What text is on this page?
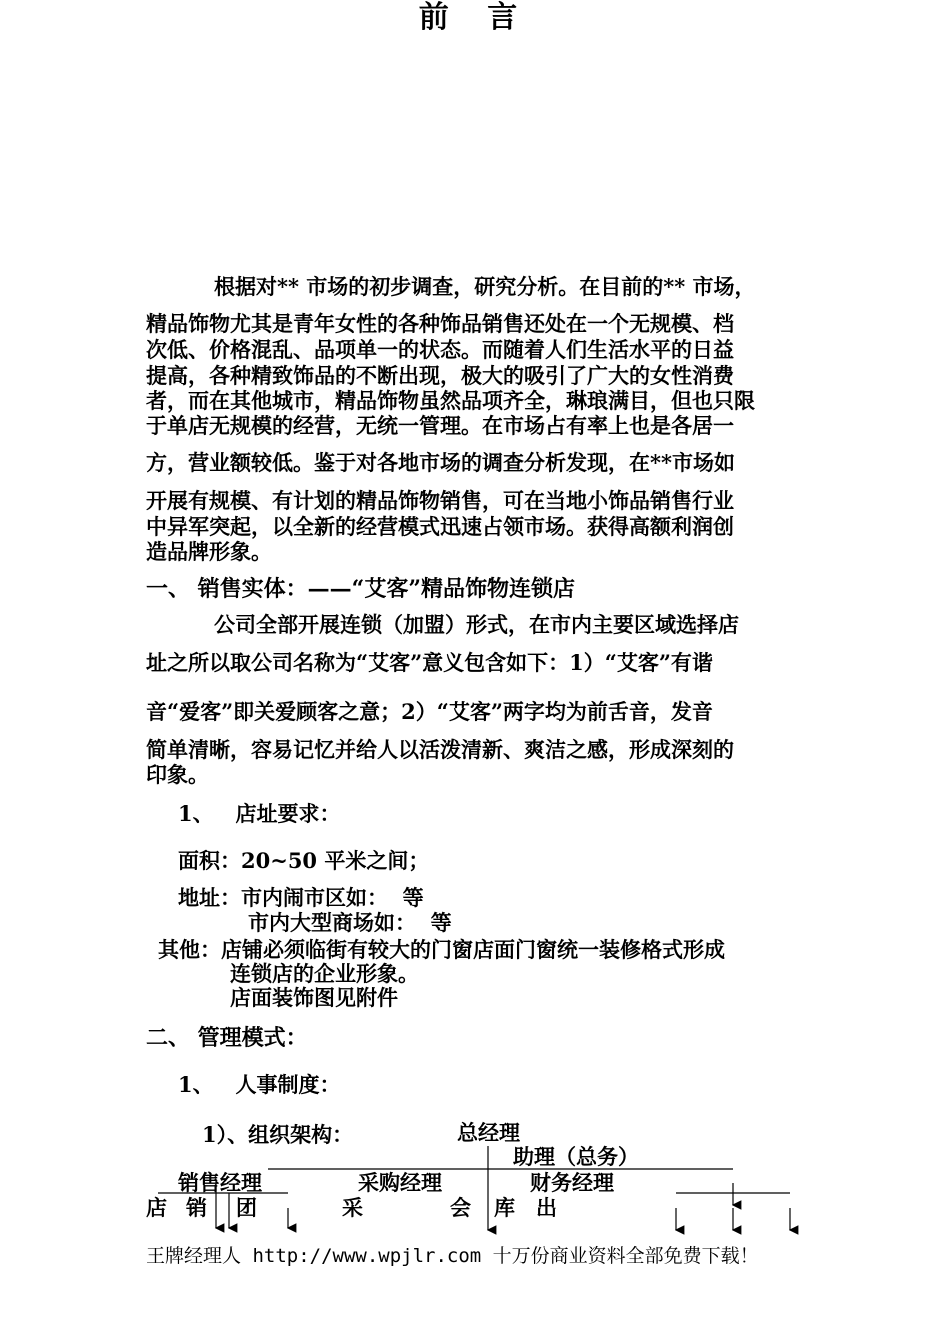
前 言
根据对** 市场的初步调查，研究分析。在目前的** 市场，
精品饰物尤其是青年女性的各种饰品销售还处在一个无规模、档
次低、价格混乱、品项单一的状态。而随着人们生活水平的日益
提高，各种精致饰品的不断出现，极大的吸引了广大的女性消费
者，而在其他城市，精品饰物虽然品项齐全，琳琅满目，但也只限
于单店无规模的经营，无统一管理。在市场占有率上也是各居一
方，营业额较低。鉴于对各地市场的调查分析发现，在**市场如
开展有规模、有计划的精品饰物销售，可在当地小饰品销售行业
中异军突起，以全新的经营模式迅速占领市场。获得高额利润创
造品牌形象。
一、 销售实体：——“艾客”精品饰物连锁店
公司全部开展连锁（加盟）形式，在市内主要区域选择店
址之所以取公司名称为“艾客”意义包含如下：1）“艾客”有谐
音“爱客”即关爱顾客之意；2）“艾客”两字均为前舌音，发音
简单清晰，容易记忆并给人以活泼清新、爽洁之感，形成深刻的
印象。
1、   店址要求：
面积：20~50 平米之间；
地址：市内闹市区如：  等
市内大型商场如：  等
其他：店铺必须临街有较大的门窗店面门窗统一装修格式形成
连锁店的企业形象。
店面装饰图见附件
二、 管理模式：
1、   人事制度：
1）、组织架构：	总经理
助理（总务）
销售经理	采购经理	财务经理
店 销 团	采	会 库 出
王牌经理人 http://www.wpjlr.com 十万份商业资料全部免费下载！
